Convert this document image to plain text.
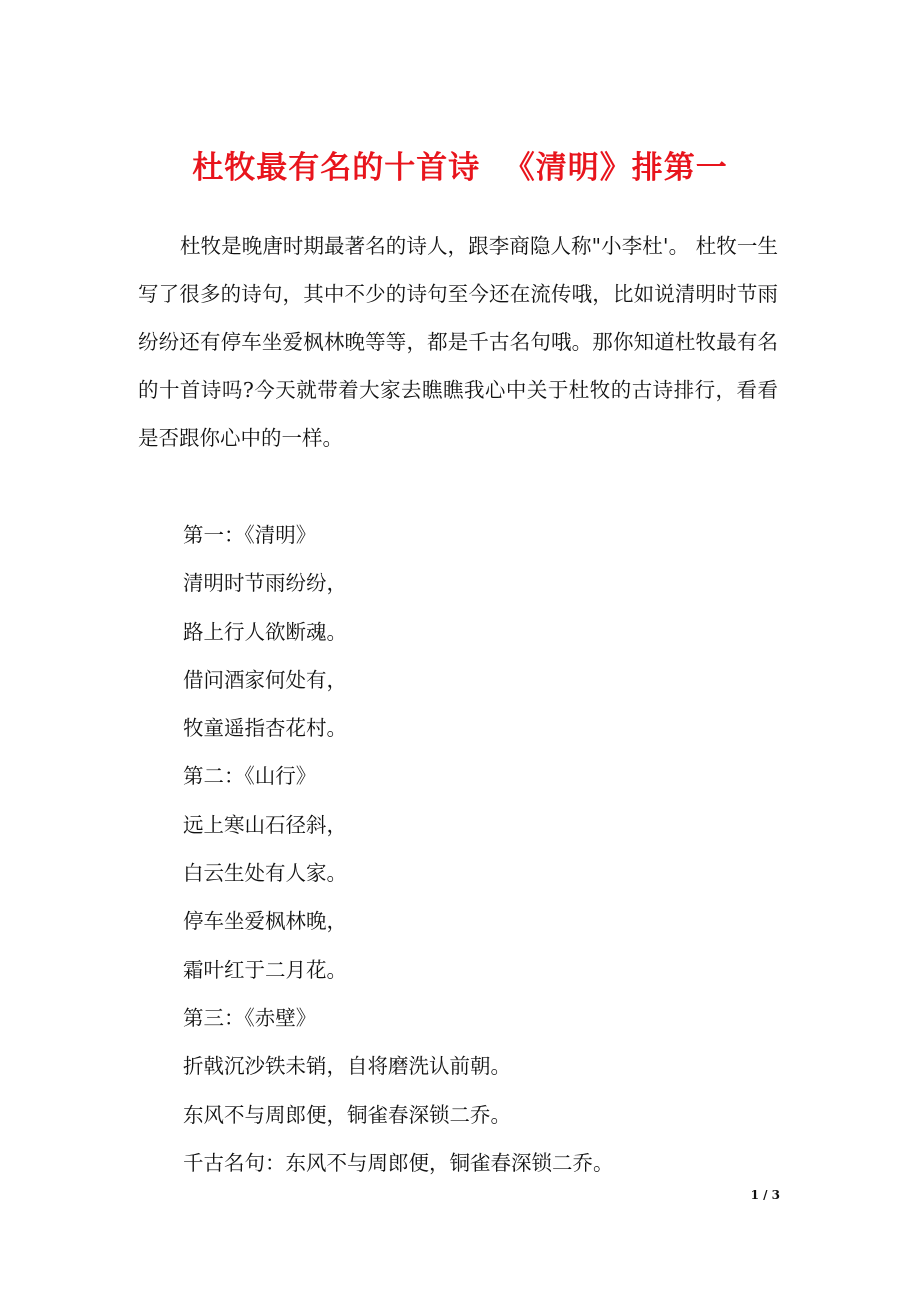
杜牧最有名的十首诗  《清明》排第一

杜牧是晚唐时期最著名的诗人，跟李商隐人称"小李杜'。 杜牧一生写了很多的诗句，其中不少的诗句至今还在流传哦，比如说清明时节雨纷纷还有停车坐爱枫林晚等等，都是千古名句哦。那你知道杜牧最有名的十首诗吗?今天就带着大家去瞧瞧我心中关于杜牧的古诗排行，看看是否跟你心中的一样。

第一：《清明》
清明时节雨纷纷，
路上行人欲断魂。
借问酒家何处有，
牧童遥指杏花村。
第二：《山行》
远上寒山石径斜，
白云生处有人家。
停车坐爱枫林晚，
霜叶红于二月花。
第三：《赤壁》
折戟沉沙铁未销，自将磨洗认前朝。
东风不与周郎便，铜雀春深锁二乔。
千古名句：东风不与周郎便，铜雀春深锁二乔。
1 / 3
